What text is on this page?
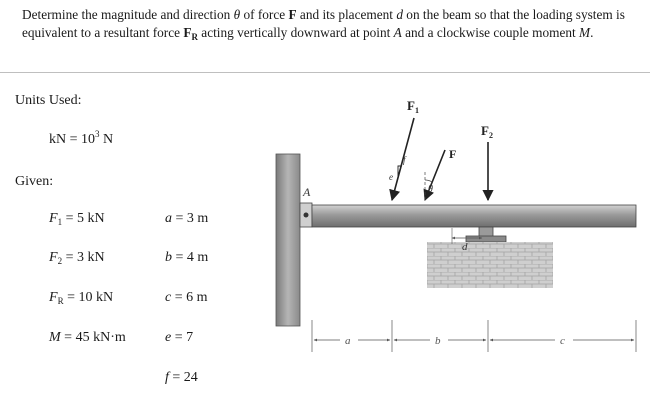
Determine the magnitude and direction θ of force F and its placement d on the beam so that the loading system is equivalent to a resultant force $F_R$ acting vertically downward at point A and a clockwise couple moment M.
Units Used:
kN = $10^3$ N
Given:
$F_1 = 5$ kN
$F_2 = 3$ kN
$F_R = 10$ kN
M = 45 kN·m
a = 3 m
b = 4 m
c = 6 m
e = 7
f = 24
A
$F_1$
$F_2$
F
f
e
θ
d
a	b	c
